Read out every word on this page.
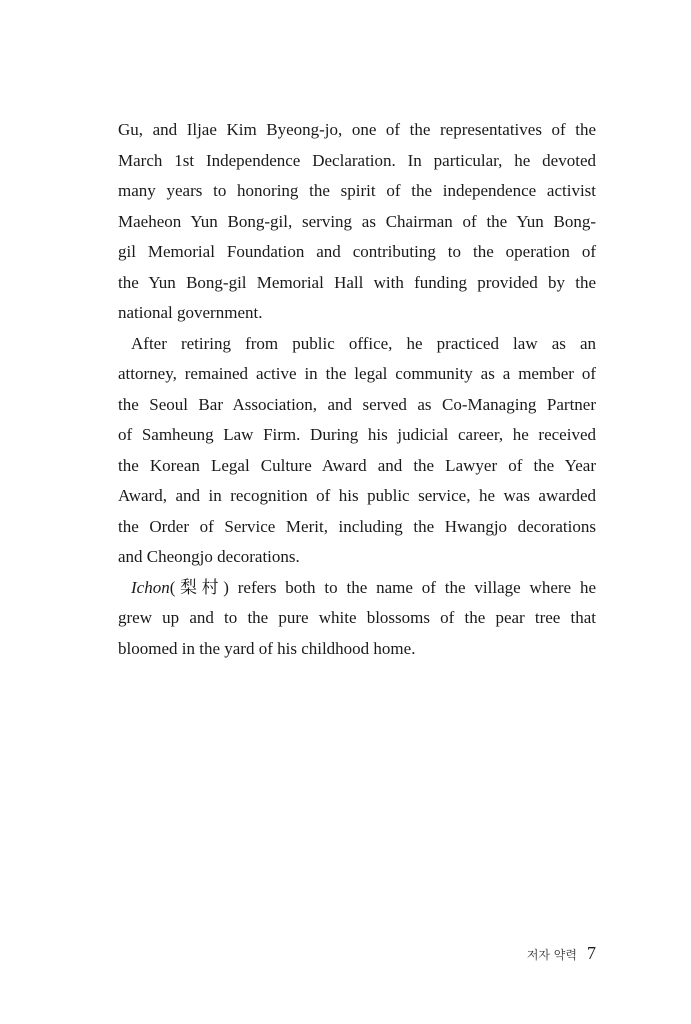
Gu, and Iljae Kim Byeong-jo, one of the representatives of the
March 1st Independence Declaration. In particular, he devoted
many years to honoring the spirit of the independence activist
Maeheon Yun Bong-gil, serving as Chairman of the Yun Bong-
gil Memorial Foundation and contributing to the operation of
the Yun Bong-gil Memorial Hall with funding provided by the
national government.
After retiring from public office, he practiced law as an
attorney, remained active in the legal community as a member of
the Seoul Bar Association, and served as Co-Managing Partner
of Samheung Law Firm. During his judicial career, he received
the Korean Legal Culture Award and the Lawyer of the Year
Award, and in recognition of his public service, he was awarded
the Order of Service Merit, including the Hwangjo decorations
and Cheongjo decorations.
Ichon(梨村) refers both to the name of the village where he
grew up and to the pure white blossoms of the pear tree that
bloomed in the yard of his childhood home.
저자 약력 7
